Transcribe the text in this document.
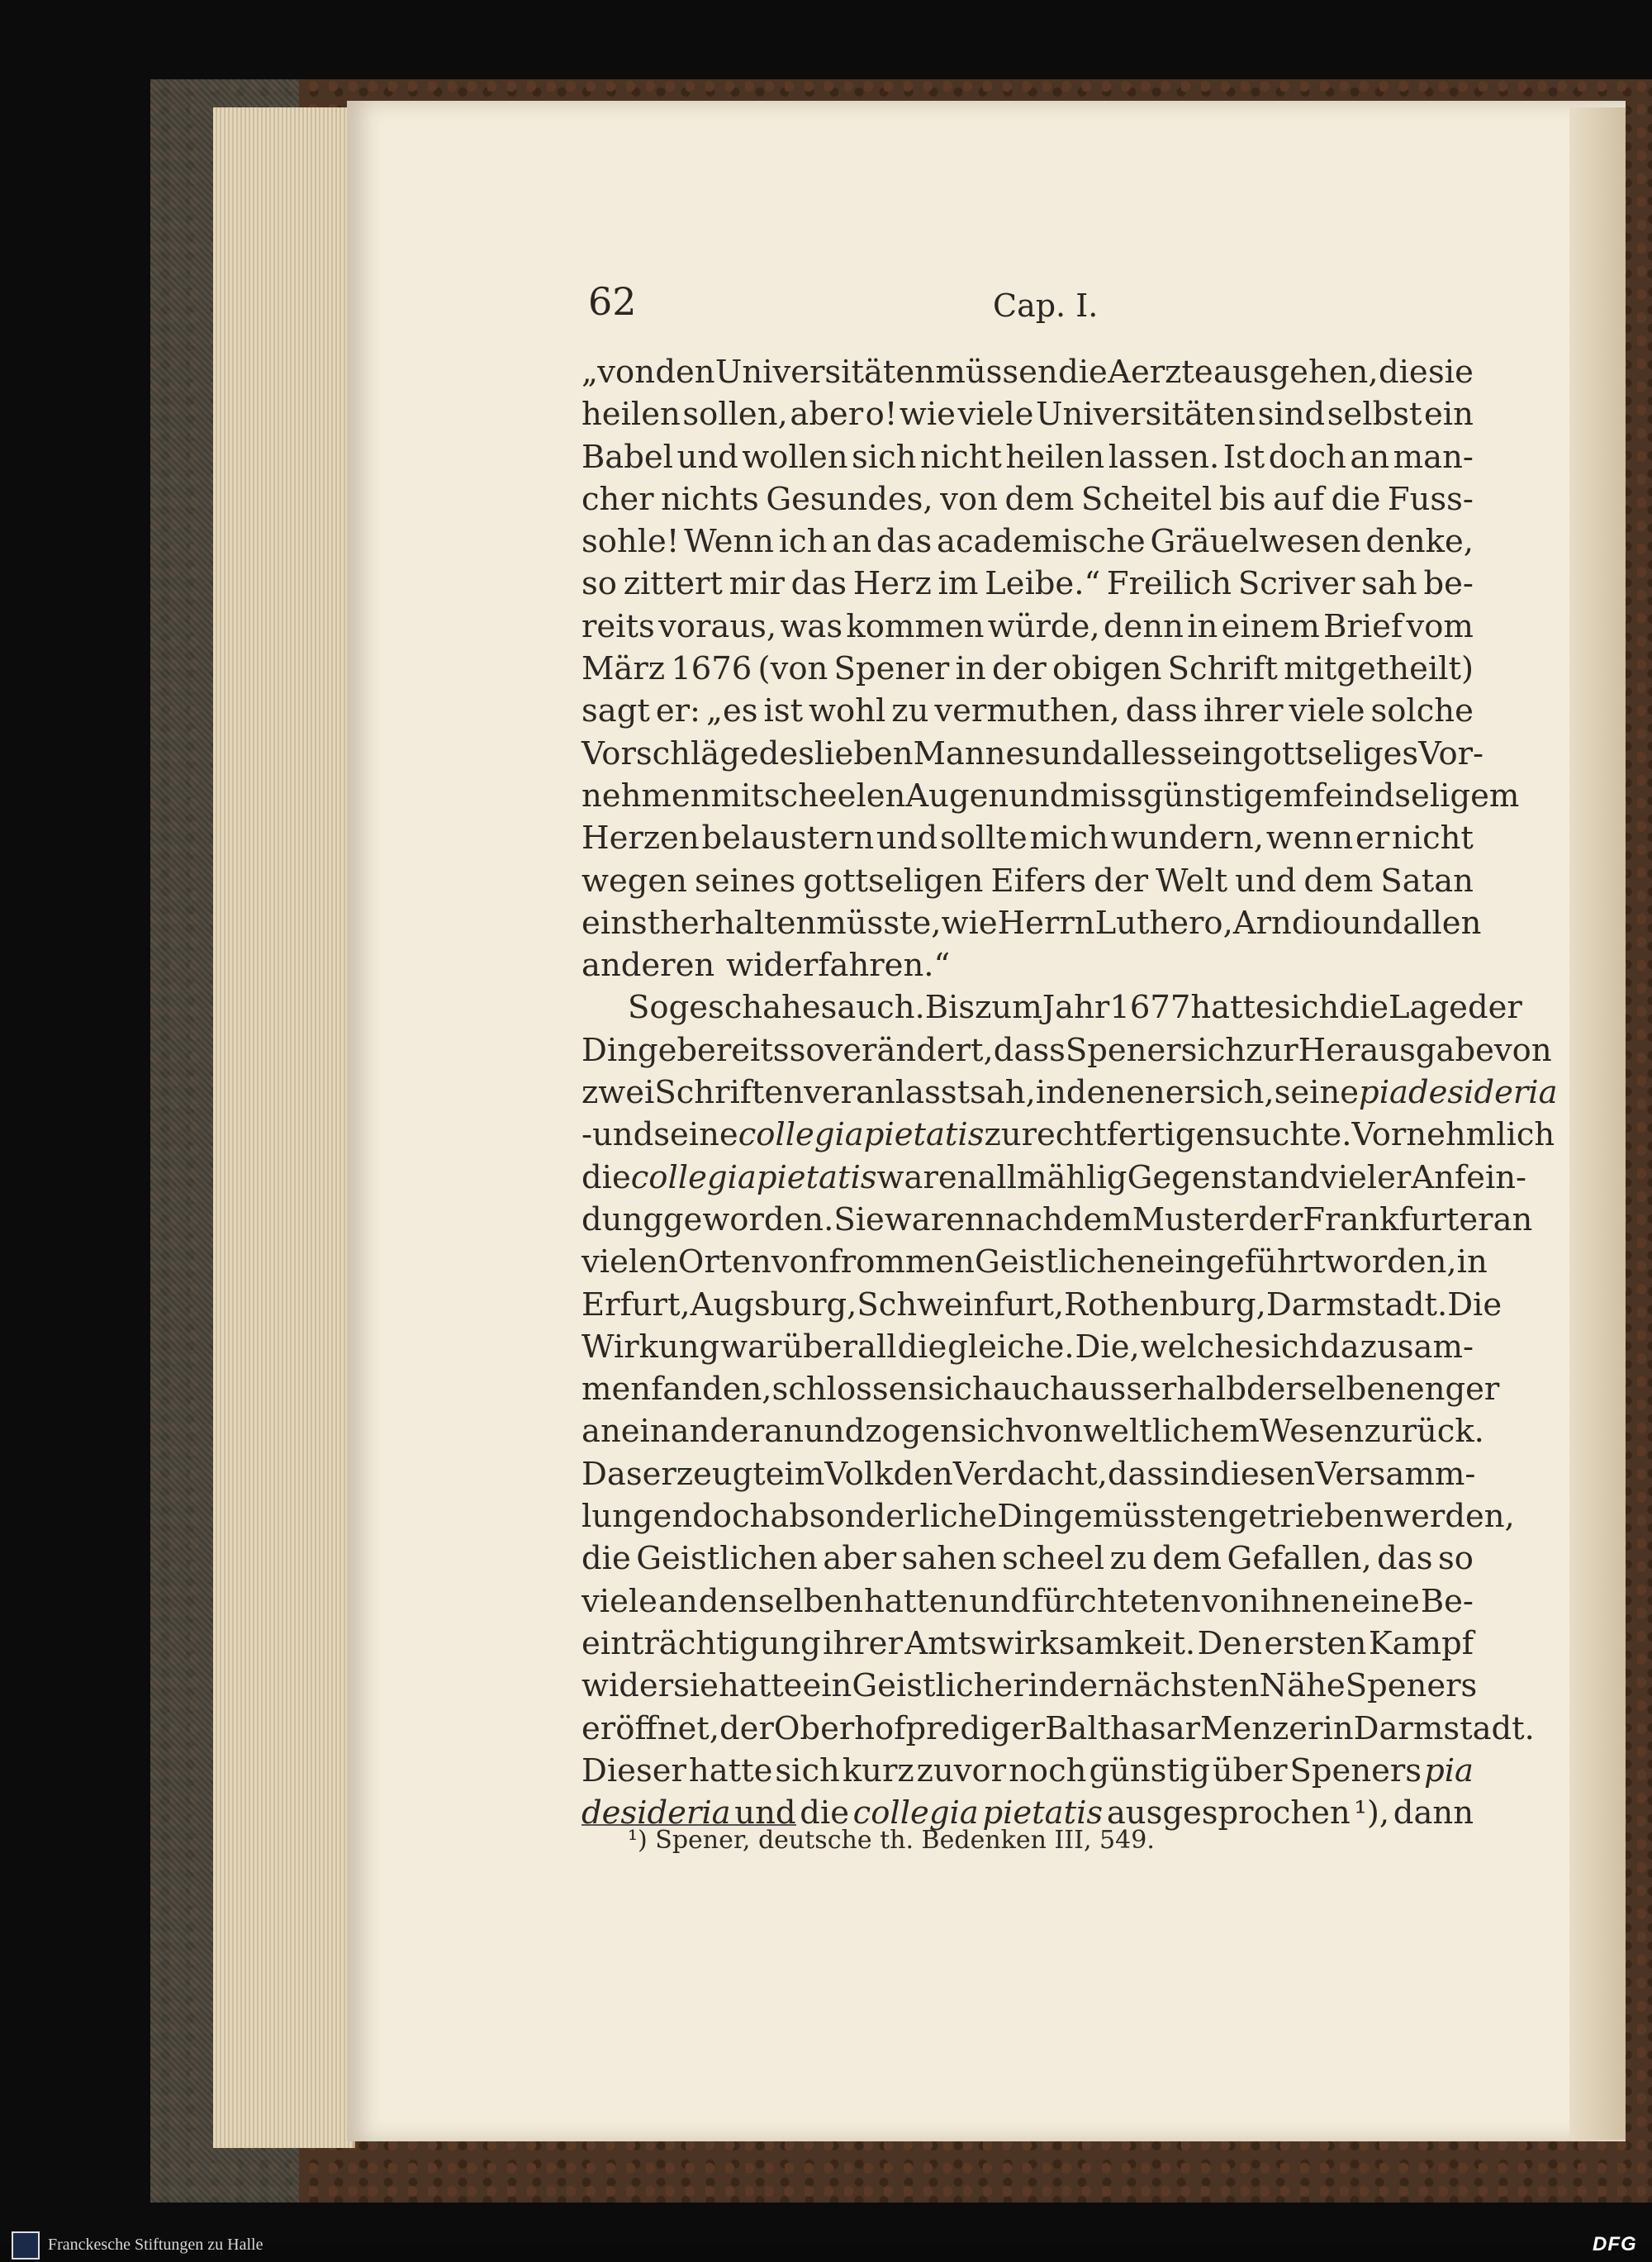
62	Cap. I.
„von den Universitäten müssen die Aerzte ausgehen, die sie
heilen sollen, aber o! wie viele Universitäten sind selbst ein
Babel und wollen sich nicht heilen lassen. Ist doch an man-
cher nichts Gesundes, von dem Scheitel bis auf die Fuss-
sohle! Wenn ich an das academische Gräuelwesen denke,
so zittert mir das Herz im Leibe.“ Freilich Scriver sah be-
reits voraus, was kommen würde, denn in einem Brief vom
März 1676 (von Spener in der obigen Schrift mitgetheilt)
sagt er: „es ist wohl zu vermuthen, dass ihrer viele solche
Vorschläge des lieben Mannes und alles sein gottseliges Vor-
nehmen mit scheelen Augen und missgünstigem feindseligem
Herzen belaustern und sollte mich wundern, wenn er nicht
wegen seines gottseligen Eifers der Welt und dem Satan
einst herhalten müsste, wie Herrn Luthero, Arndio und allen
anderen widerfahren.“
So geschah es auch. Bis zum Jahr 1677 hatte sich die Lage der
Dinge bereits so verändert, dass Spener sich zur Herausgabe von
zwei Schriften veranlasst sah, in denen er sich, seine pia desideria
-und seine collegia pietatis zu rechtfertigen suchte. Vornehmlich
die collegia pietatis waren allmählig Gegenstand vieler Anfein-
dung geworden. Sie waren nach dem Muster der Frankfurter an
vielen Orten von frommen Geistlichen eingeführt worden, in
Erfurt, Augsburg, Schweinfurt, Rothenburg, Darmstadt. Die
Wirkung war überall die gleiche. Die, welche sich da zusam-
menfanden, schlossen sich auch ausserhalb derselben enger
an einander an und zogen sich von weltlichem Wesen zurück.
Das erzeugte im Volk den Verdacht, dass in diesen Versamm-
lungen doch absonderliche Dinge müssten getrieben werden,
die Geistlichen aber sahen scheel zu dem Gefallen, das so
viele an denselben hatten und fürchteten von ihnen eine Be-
einträchtigung ihrer Amtswirksamkeit. Den ersten Kampf
wider sie hatte ein Geistlicher in der nächsten Nähe Speners
eröffnet, der Oberhofprediger Balthasar Menzer in Darmstadt.
Dieser hatte sich kurz zuvor noch günstig über Speners pia
desideria und die collegia pietatis ausgesprochen ¹), dann
¹) Spener, deutsche th. Bedenken III, 549.
Franckesche Stiftungen zu Halle	DFG
